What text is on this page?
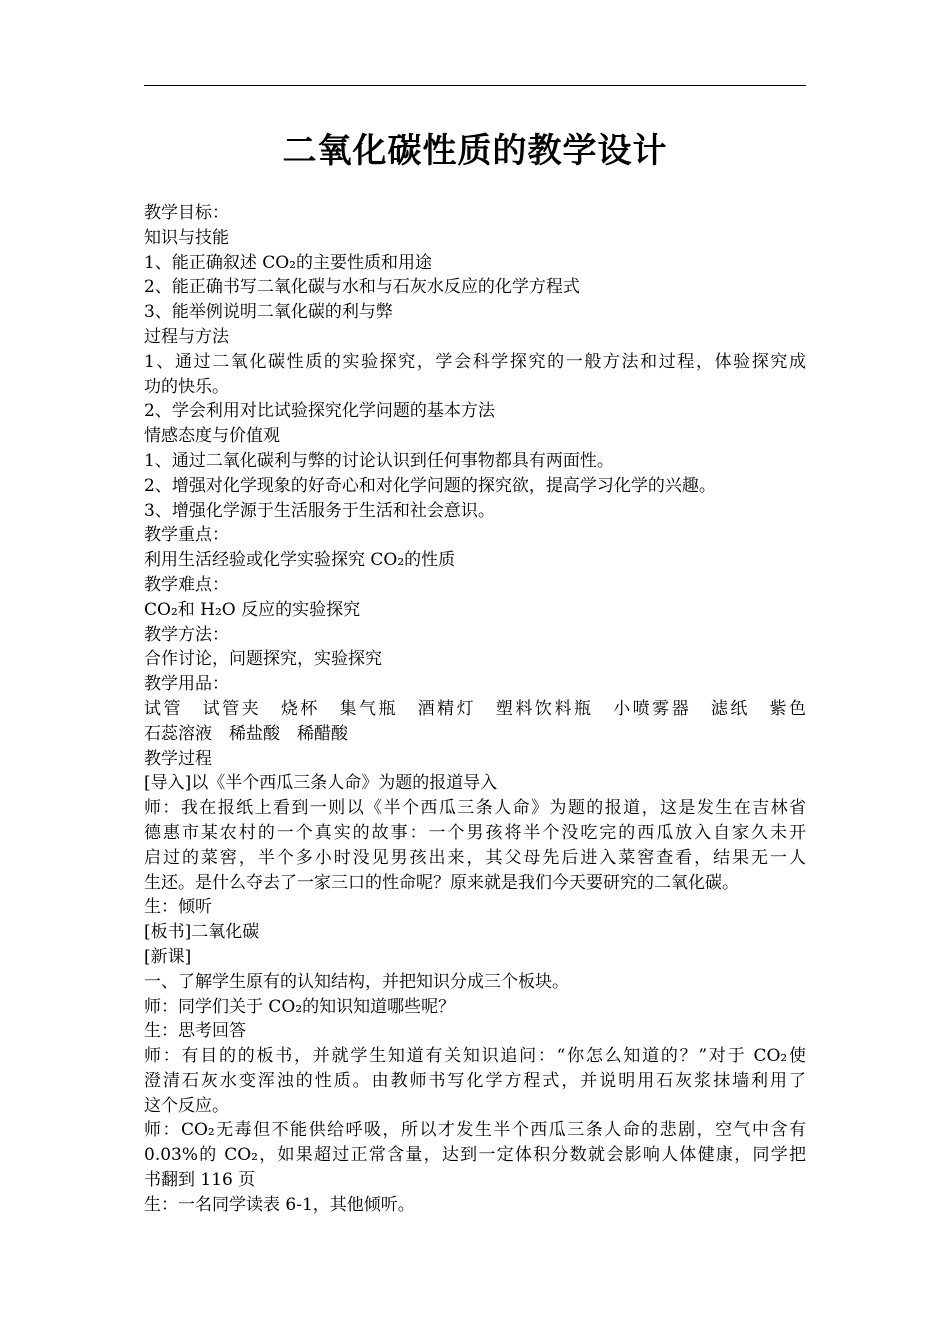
二氧化碳性质的教学设计
教学目标：
知识与技能
1、能正确叙述 CO₂的主要性质和用途
2、能正确书写二氧化碳与水和与石灰水反应的化学方程式
3、能举例说明二氧化碳的利与弊
过程与方法
1、通过二氧化碳性质的实验探究，学会科学探究的一般方法和过程，体验探究成
功的快乐。
2、学会利用对比试验探究化学问题的基本方法
情感态度与价值观
1、通过二氧化碳利与弊的讨论认识到任何事物都具有两面性。
2、增强对化学现象的好奇心和对化学问题的探究欲，提高学习化学的兴趣。
3、增强化学源于生活服务于生活和社会意识。
教学重点：
利用生活经验或化学实验探究 CO₂的性质
教学难点：
CO₂和 H₂O 反应的实验探究
教学方法：
合作讨论，问题探究，实验探究
教学用品：
试管　试管夹　烧杯　集气瓶　酒精灯　塑料饮料瓶　小喷雾器　滤纸　紫色
石蕊溶液　稀盐酸　稀醋酸
教学过程
[导入]以《半个西瓜三条人命》为题的报道导入
师：我在报纸上看到一则以《半个西瓜三条人命》为题的报道，这是发生在吉林省
德惠市某农村的一个真实的故事：一个男孩将半个没吃完的西瓜放入自家久未开
启过的菜窖，半个多小时没见男孩出来，其父母先后进入菜窖查看，结果无一人
生还。是什么夺去了一家三口的性命呢？原来就是我们今天要研究的二氧化碳。
生：倾听
[板书]二氧化碳
[新课]
一、了解学生原有的认知结构，并把知识分成三个板块。
师：同学们关于 CO₂的知识知道哪些呢？
生：思考回答
师：有目的的板书，并就学生知道有关知识追问：“你怎么知道的？”对于 CO₂使
澄清石灰水变浑浊的性质。由教师书写化学方程式，并说明用石灰浆抹墙利用了
这个反应。
师：CO₂无毒但不能供给呼吸，所以才发生半个西瓜三条人命的悲剧，空气中含有
0.03%的 CO₂，如果超过正常含量，达到一定体积分数就会影响人体健康，同学把
书翻到 116 页
生：一名同学读表 6-1，其他倾听。
